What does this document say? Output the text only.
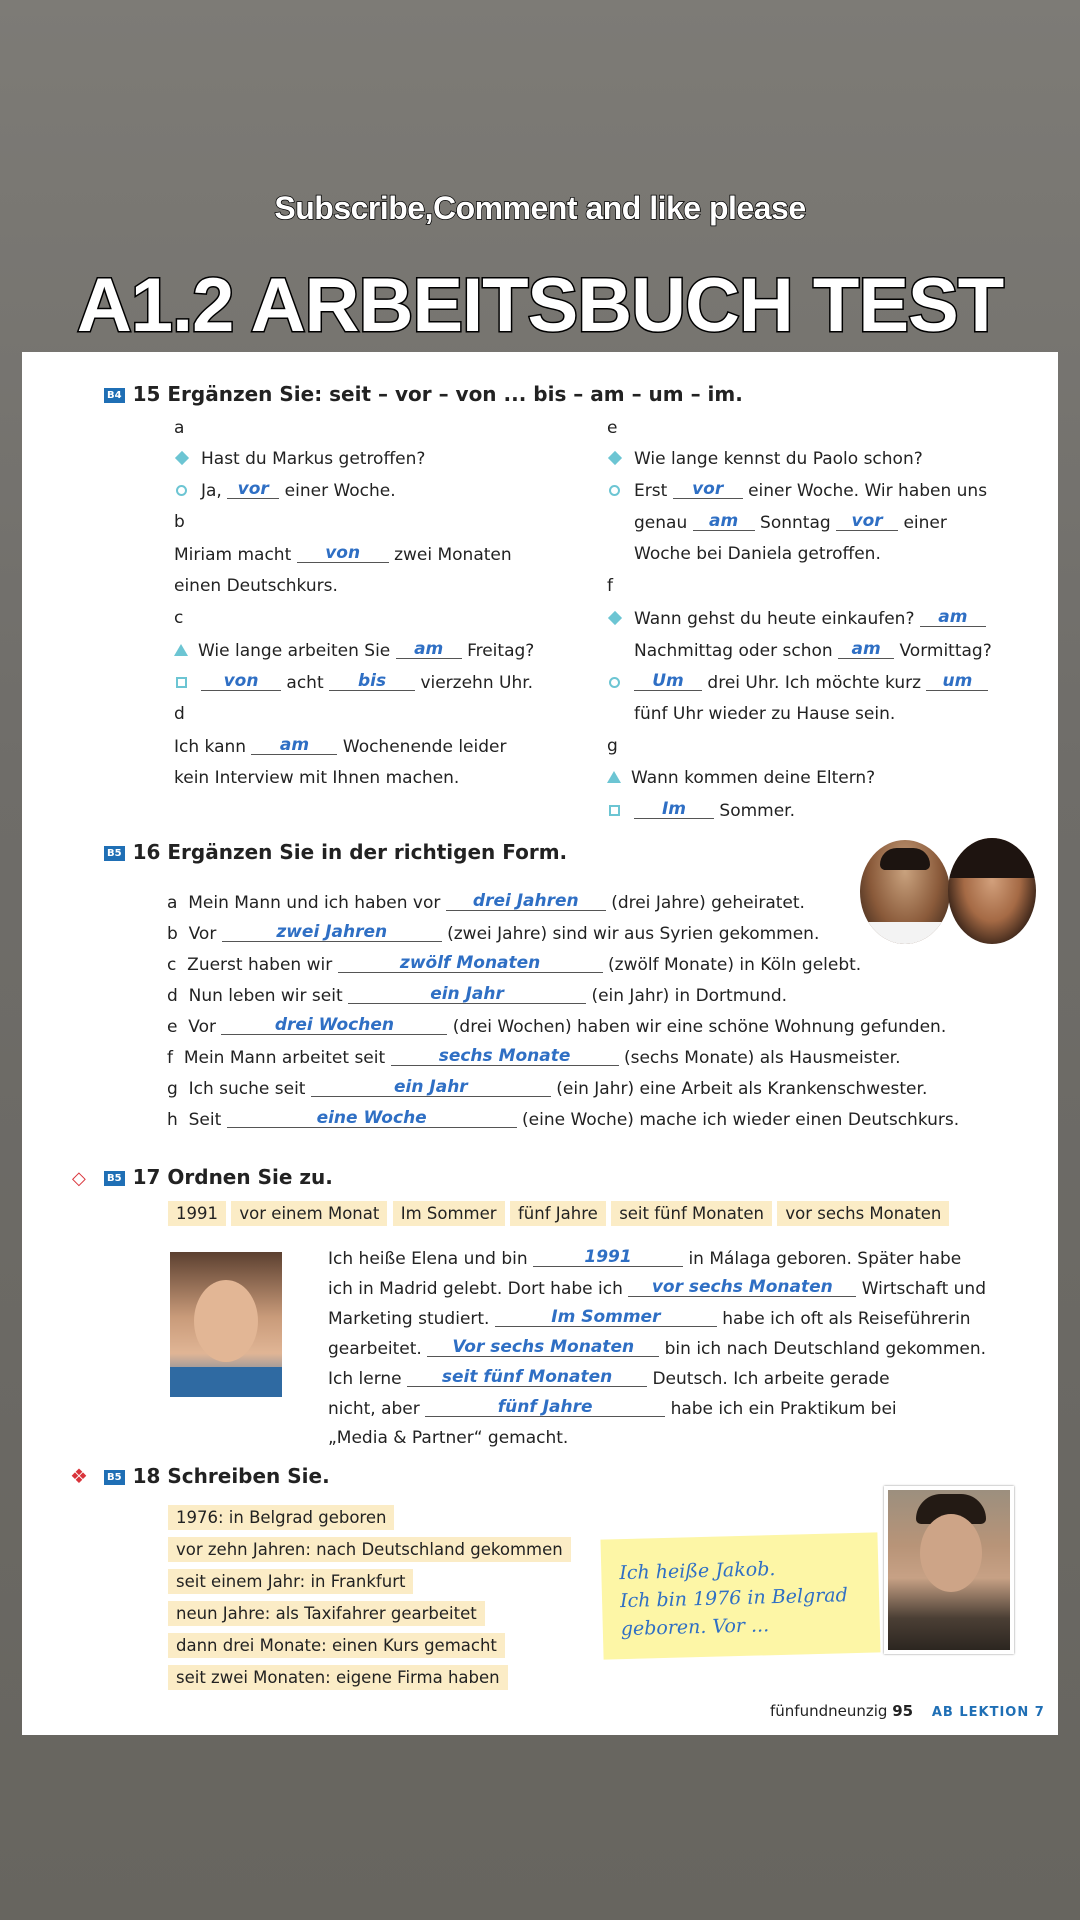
Subscribe,Comment and like please
A1.2 ARBEITSBUCH TEST
B4 15 Ergänzen Sie: seit – vor – von ... bis – am – um – im.
a
Hast du Markus getroffen?
Ja, vor einer Woche.
b
Miriam macht von zwei Monaten
einen Deutschkurs.
c
Wie lange arbeiten Sie am Freitag?
von acht bis vierzehn Uhr.
d
Ich kann am Wochenende leider
kein Interview mit Ihnen machen.
e
Wie lange kennst du Paolo schon?
Erst vor einer Woche. Wir haben uns
genau am Sonntag vor einer
Woche bei Daniela getroffen.
f
Wann gehst du heute einkaufen? am
Nachmittag oder schon am Vormittag?
Um drei Uhr. Ich möchte kurz um
fünf Uhr wieder zu Hause sein.
g
Wann kommen deine Eltern?
Im Sommer.
B5 16 Ergänzen Sie in der richtigen Form.
a Mein Mann und ich haben vor drei Jahren (drei Jahre) geheiratet.
b Vor	zwei Jahren	(zwei Jahre) sind wir aus Syrien gekommen.
c Zuerst haben wir	zwölf Monaten	(zwölf Monate) in Köln gelebt.
d Nun leben wir seit	ein Jahr	(ein Jahr) in Dortmund.
e Vor	drei Wochen	(drei Wochen) haben wir eine schöne Wohnung gefunden.
f Mein Mann arbeitet seit	sechs Monate	(sechs Monate) als Hausmeister.
g Ich suche seit	ein Jahr	(ein Jahr) eine Arbeit als Krankenschwester.
h Seit	eine Woche	(eine Woche) mache ich wieder einen Deutschkurs.
◇	B5 17 Ordnen Sie zu.
1991 vor einem Monat Im Sommer fünf Jahre seit fünf Monaten vor sechs Monaten
Ich heiße Elena und bin	1991	in Málaga geboren. Später habe
ich in Madrid gelebt. Dort habe ich vor sechs Monaten Wirtschaft und
Marketing studiert.	Im Sommer	habe ich oft als Reiseführerin
gearbeitet. Vor sechs Monaten bin ich nach Deutschland gekommen.
Ich lerne seit fünf Monaten Deutsch. Ich arbeite gerade
nicht, aber	fünf Jahre	habe ich ein Praktikum bei
„Media & Partner“ gemacht.
❖	B5 18 Schreiben Sie.
1976: in Belgrad geboren
vor zehn Jahren: nach Deutschland gekommen
seit einem Jahr: in Frankfurt
neun Jahre: als Taxifahrer gearbeitet
dann drei Monate: einen Kurs gemacht
seit zwei Monaten: eigene Firma haben
Ich heiße Jakob.
Ich bin 1976 in Belgrad
geboren. Vor ...
fünfundneunzig 95 AB LEKTION 7
